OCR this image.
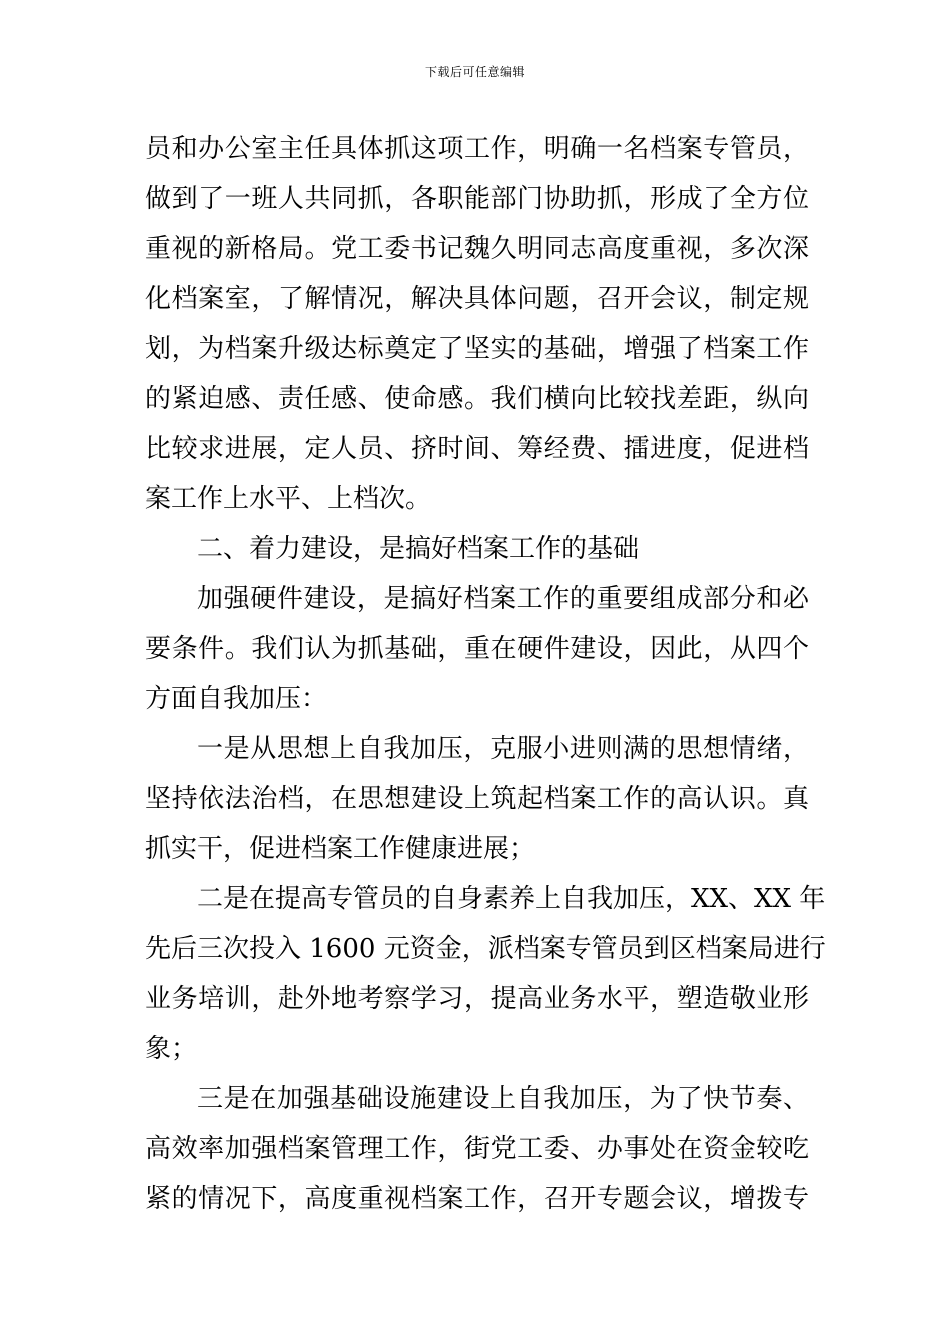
下载后可任意编辑
员和办公室主任具体抓这项工作，明确一名档案专管员，
做到了一班人共同抓，各职能部门协助抓，形成了全方位
重视的新格局。党工委书记魏久明同志高度重视，多次深
化档案室，了解情况，解决具体问题，召开会议，制定规
划，为档案升级达标奠定了坚实的基础，增强了档案工作
的紧迫感、责任感、使命感。我们横向比较找差距，纵向
比较求进展，定人员、挤时间、筹经费、擂进度，促进档
案工作上水平、上档次。
二、着力建设，是搞好档案工作的基础
加强硬件建设，是搞好档案工作的重要组成部分和必
要条件。我们认为抓基础，重在硬件建设，因此，从四个
方面自我加压：
一是从思想上自我加压，克服小进则满的思想情绪，
坚持依法治档，在思想建设上筑起档案工作的高认识。真
抓实干，促进档案工作健康进展；
二是在提高专管员的自身素养上自我加压，XX、XX 年
先后三次投入 1600 元资金，派档案专管员到区档案局进行
业务培训，赴外地考察学习，提高业务水平，塑造敬业形
象；
三是在加强基础设施建设上自我加压，为了快节奏、
高效率加强档案管理工作，街党工委、办事处在资金较吃
紧的情况下，高度重视档案工作，召开专题会议，增拨专
